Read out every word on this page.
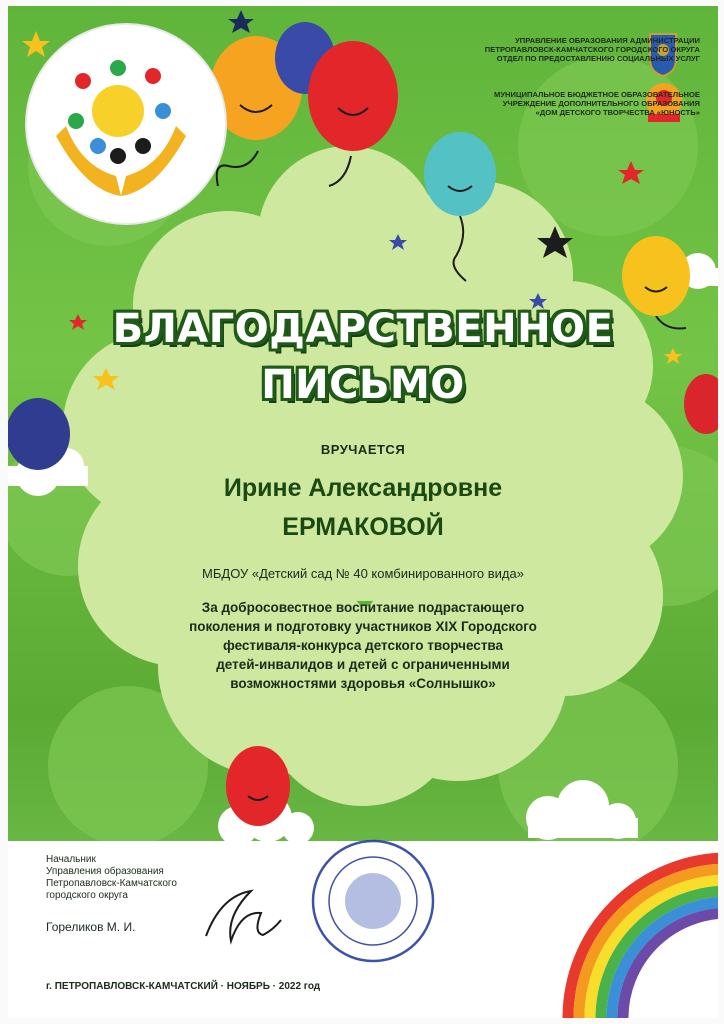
УПРАВЛЕНИЕ ОБРАЗОВАНИЯ АДМИНИСТРАЦИИ
ПЕТРОПАВЛОВСК-КАМЧАТСКОГО ГОРОДСКОГО ОКРУГА
ОТДЕЛ ПО ПРЕДОСТАВЛЕНИЮ СОЦИАЛЬНЫХ УСЛУГ
МУНИЦИПАЛЬНОЕ БЮДЖЕТНОЕ ОБРАЗОВАТЕЛЬНОЕ
УЧРЕЖДЕНИЕ ДОПОЛНИТЕЛЬНОГО ОБРАЗОВАНИЯ
«ДОМ ДЕТСКОГО ТВОРЧЕСТВА «ЮНОСТЬ»
БЛАГОДАРСТВЕННОЕ
ПИСЬМО
ВРУЧАЕТСЯ
Ирине Александровне
ЕРМАКОВОЙ
МБДОУ «Детский сад № 40 комбинированного вида»
За добросовестное воспитание подрастающего
поколения и подготовку участников XIX Городского
фестиваля-конкурса детского творчества
детей-инвалидов и детей с ограниченными
возможностями здоровья «Солнышко»
Начальник
Управления образования
Петропавловск-Камчатского
городского округа
Гореликов М. И.
г. ПЕТРОПАВЛОВСК-КАМЧАТСКИЙ · НОЯБРЬ · 2022 год
